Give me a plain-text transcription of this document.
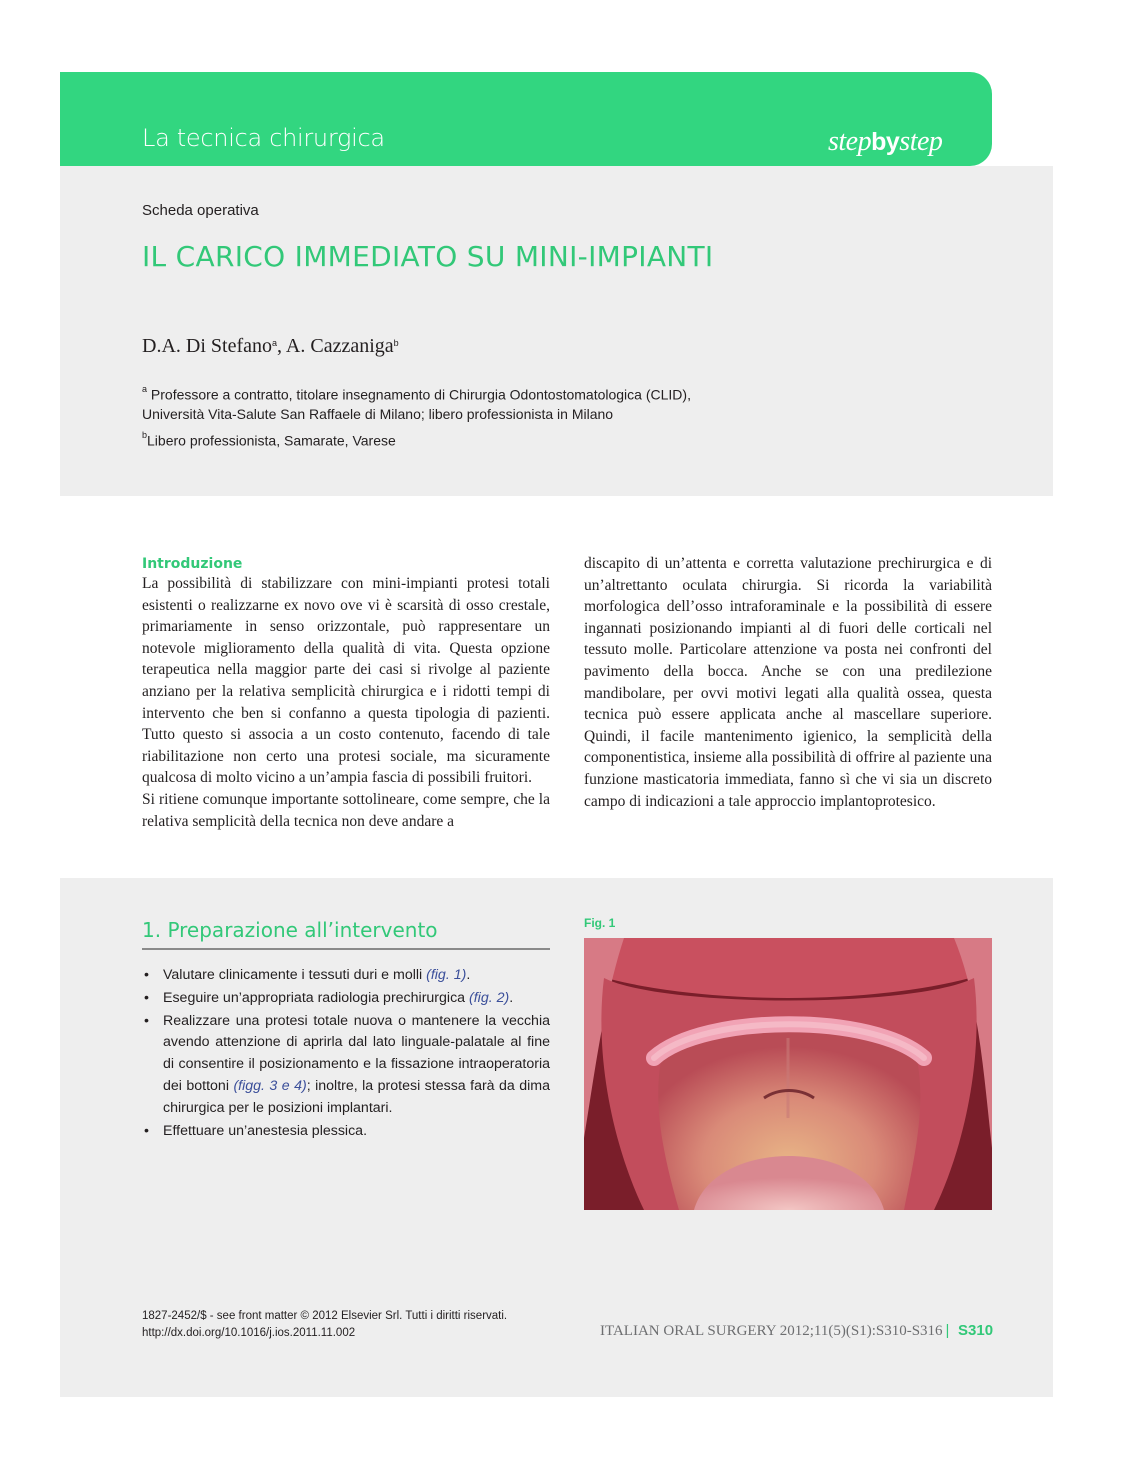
La tecnica chirurgica	stepbystep
Scheda operativa
IL CARICO IMMEDIATO SU MINI-IMPIANTI
D.A. Di Stefano$^a$, A. Cazzaniga$^b$
$^a$ Professore a contratto, titolare insegnamento di Chirurgia Odontostomatologica (CLID),
Università Vita-Salute San Raffaele di Milano; libero professionista in Milano
$^b$Libero professionista, Samarate, Varese

Introduzione

La possibilità di stabilizzare con mini-impianti protesi totali esistenti o realizzarne ex novo ove vi è scarsità di osso crestale, primariamente in senso orizzontale, può rappresentare un notevole miglioramento della qualità di vita. Questa opzione terapeutica nella maggior parte dei casi si rivolge al paziente anziano per la relativa semplicità chirurgica e i ridotti tempi di intervento che ben si confanno a questa tipologia di pazienti. Tutto questo si associa a un costo contenuto, facendo di tale riabilitazione non certo una protesi sociale, ma sicuramente qualcosa di molto vicino a un’ampia fascia di possibili fruitori.

Si ritiene comunque importante sottolineare, come sempre, che la relativa semplicità della tecnica non deve andare a

discapito di un’attenta e corretta valutazione prechirurgica e di un’altrettanto oculata chirurgia. Si ricorda la variabilità morfologica dell’osso intraforaminale e la possibilità di essere ingannati posizionando impianti al di fuori delle corticali nel tessuto molle. Particolare attenzione va posta nei confronti del pavimento della bocca. Anche se con una predilezione mandibolare, per ovvi motivi legati alla qualità ossea, questa tecnica può essere applicata anche al mascellare superiore. Quindi, il facile mantenimento igienico, la semplicità della componentistica, insieme alla possibilità di offrire al paziente una funzione masticatoria immediata, fanno sì che vi sia un discreto campo di indicazioni a tale approccio implantoprotesico.

1. Preparazione all’intervento
• Valutare clinicamente i tessuti duri e molli (fig. 1).
• Eseguire un’appropriata radiologia prechirurgica (fig. 2).
• Realizzare una protesi totale nuova o mantenere la vecchia avendo attenzione di aprirla dal lato linguale-palatale al fine di consentire il posizionamento e la fissazione intraoperatoria dei bottoni (figg. 3 e 4); inoltre, la protesi stessa farà da dima chirurgica per le posizioni implantari.
• Effettuare un’anestesia plessica.
Fig. 1
1827-2452/$ - see front matter © 2012 Elsevier Srl. Tutti i diritti riservati.
http://dx.doi.org/10.1016/j.ios.2011.11.002	ITALIAN ORAL SURGERY 2012;11(5)(S1):S310-S316 | S310
